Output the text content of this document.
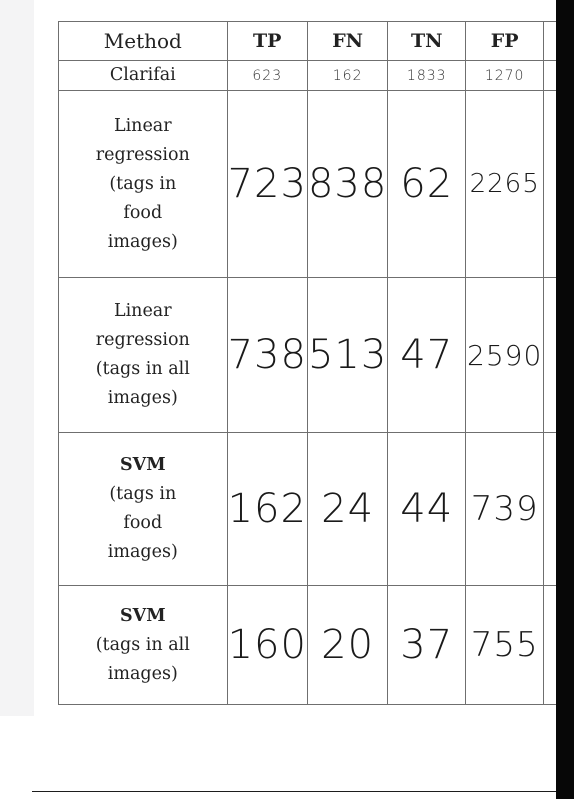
Method	TP	FN	TN	FP	

Clarifai	623	162	1833	1270	

Linear
regression
(tags in
food
images)	723	838	62	2265	

Linear
regression
(tags in all
images)	738	513	47	2590	

SVM
(tags in
food
images)	162	24	44	739	

SVM
(tags in all
images)	160	20	37	755	
